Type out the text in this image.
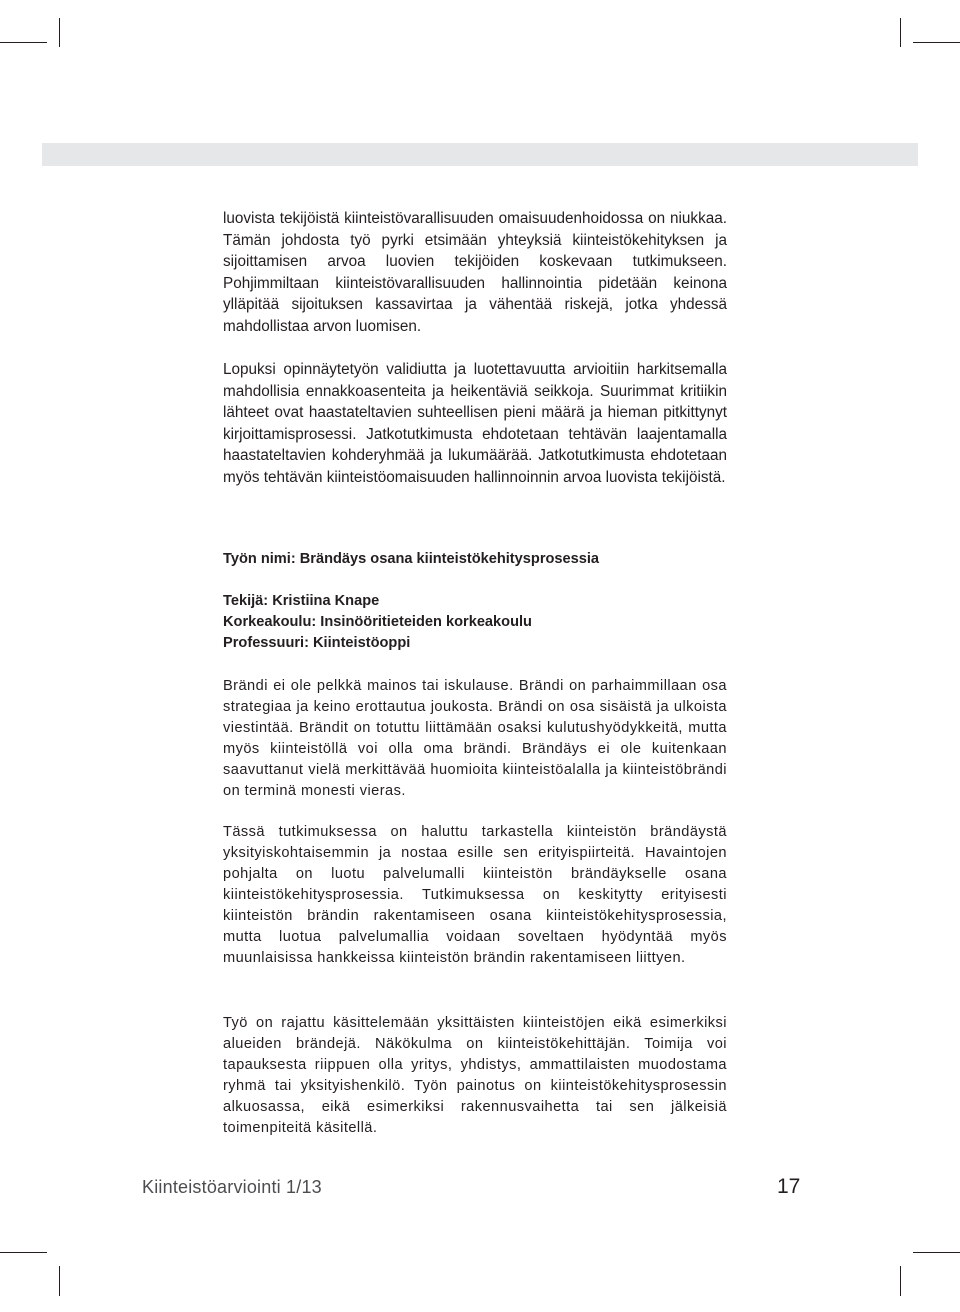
luovista tekijöistä kiinteistövarallisuuden omaisuudenhoidossa on niukkaa. Tämän johdosta työ pyrki etsimään yhteyksiä kiinteistökehityksen ja sijoittamisen arvoa luovien tekijöiden koskevaan tutkimukseen. Pohjimmiltaan kiinteistövarallisuuden hallinnointia pidetään keinona ylläpitää sijoituksen kassavirtaa ja vähentää riskejä, jotka yhdessä mahdollistaa arvon luomisen.

Lopuksi opinnäytetyön validiutta ja luotettavuutta arvioitiin harkitsemalla mahdollisia ennakkoasenteita ja heikentäviä seikkoja. Suurimmat kritiikin lähteet ovat haastateltavien suhteellisen pieni määrä ja hieman pitkittynyt kirjoittamisprosessi. Jatkotutkimusta ehdotetaan tehtävän laajentamalla haastateltavien kohderyhmää ja lukumäärää. Jatkotutkimusta ehdotetaan myös tehtävän kiinteistöomaisuuden hallinnoinnin arvoa luovista tekijöistä.

Työn nimi: Brändäys osana kiinteistökehitysprosessia
Tekijä: Kristiina Knape
Korkeakoulu: Insinööritieteiden korkeakoulu
Professuuri: Kiinteistöoppi

Brändi ei ole pelkkä mainos tai iskulause. Brändi on parhaimmillaan osa strategiaa ja keino erottautua joukosta. Brändi on osa sisäistä ja ulkoista viestintää. Brändit on totuttu liittämään osaksi kulutushyödykkeitä, mutta myös kiinteistöllä voi olla oma brändi. Brändäys ei ole kuitenkaan saavuttanut vielä merkittävää huomioita kiinteistöalalla ja kiinteistöbrändi on terminä monesti vieras.

Tässä tutkimuksessa on haluttu tarkastella kiinteistön brändäystä yksityiskohtaisemmin ja nostaa esille sen erityispiirteitä. Havaintojen pohjalta on luotu palvelumalli kiinteistön brändäykselle osana kiinteistökehitysprosessia. Tutkimuksessa on keskitytty erityisesti kiinteistön brändin rakentamiseen osana kiinteistökehitysprosessia, mutta luotua palvelumallia voidaan soveltaen hyödyntää myös muunlaisissa hankkeissa kiinteistön brändin rakentamiseen liittyen.

Työ on rajattu käsittelemään yksittäisten kiinteistöjen eikä esimerkiksi alueiden brändejä. Näkökulma on kiinteistökehittäjän. Toimija voi tapauksesta riippuen olla yritys, yhdistys, ammattilaisten muodostama ryhmä tai yksityishenkilö. Työn painotus on kiinteistökehitysprosessin alkuosassa, eikä esimerkiksi rakennusvaihetta tai sen jälkeisiä toimenpiteitä käsitellä.

Kiinteistöarviointi 1/13	17
